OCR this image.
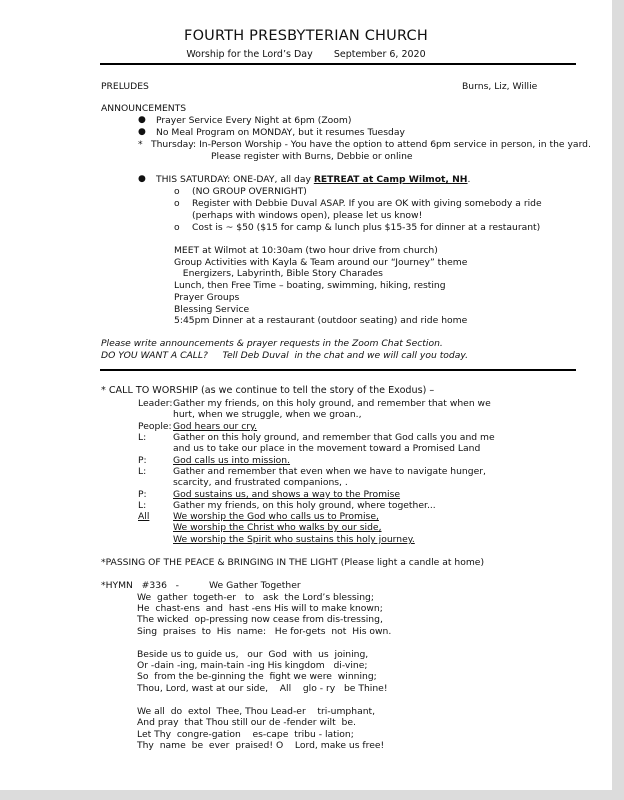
FOURTH PRESBYTERIAN CHURCH
Worship for the Lord’s Day September 6, 2020
PRELUDES	Burns, Liz, Willie
ANNOUNCEMENTS
● Prayer Service Every Night at 6pm (Zoom)
● No Meal Program on MONDAY, but it resumes Tuesday
* Thursday: In-Person Worship - You have the option to attend 6pm service in person, in the yard.
Please register with Burns, Debbie or online
● THIS SATURDAY: ONE-DAY, all day RETREAT at Camp Wilmot, NH.
o (NO GROUP OVERNIGHT)
o Register with Debbie Duval ASAP. If you are OK with giving somebody a ride
(perhaps with windows open), please let us know!
o Cost is ~ $50 ($15 for camp & lunch plus $15-35 for dinner at a restaurant)
MEET at Wilmot at 10:30am (two hour drive from church)
Group Activities with Kayla & Team around our “Journey” theme
Energizers, Labyrinth, Bible Story Charades
Lunch, then Free Time – boating, swimming, hiking, resting
Prayer Groups
Blessing Service
5:45pm Dinner at a restaurant (outdoor seating) and ride home
Please write announcements & prayer requests in the Zoom Chat Section.
DO YOU WANT A CALL?     Tell Deb Duval  in the chat and we will call you today.
* CALL TO WORSHIP (as we continue to tell the story of the Exodus) –
Leader: Gather my friends, on this holy ground, and remember that when we
hurt, when we struggle, when we groan.,
People: God hears our cry.
L:	Gather on this holy ground, and remember that God calls you and me
and us to take our place in the movement toward a Promised Land
P:	God calls us into mission.
L:	Gather and remember that even when we have to navigate hunger,
scarcity, and frustrated companions, .
P:	God sustains us, and shows a way to the Promise
L:	Gather my friends, on this holy ground, where together...
All	We worship the God who calls us to Promise,
We worship the Christ who walks by our side,
We worship the Spirit who sustains this holy journey.
*PASSING OF THE PEACE & BRINGING IN THE LIGHT (Please light a candle at home)
*HYMN   #336   -	We Gather Together
We  gather  togeth-er   to   ask  the Lord’s blessing;
He  chast-ens  and  hast -ens His will to make known;
The wicked  op-pressing now cease from dis-tressing,
Sing  praises  to  His  name:   He for-gets  not  His own.
Beside us to guide us,   our  God  with  us  joining,
Or -dain -ing, main-tain -ing His kingdom   di-vine;
So  from the be-ginning the  fight we were  winning;
Thou, Lord, wast at our side,    All    glo - ry   be Thine!
We all  do  extol  Thee, Thou Lead-er    tri-umphant,
And pray  that Thou still our de -fender wilt  be.
Let Thy  congre-gation    es-cape  tribu - lation;
Thy  name  be  ever  praised! O    Lord, make us free!
